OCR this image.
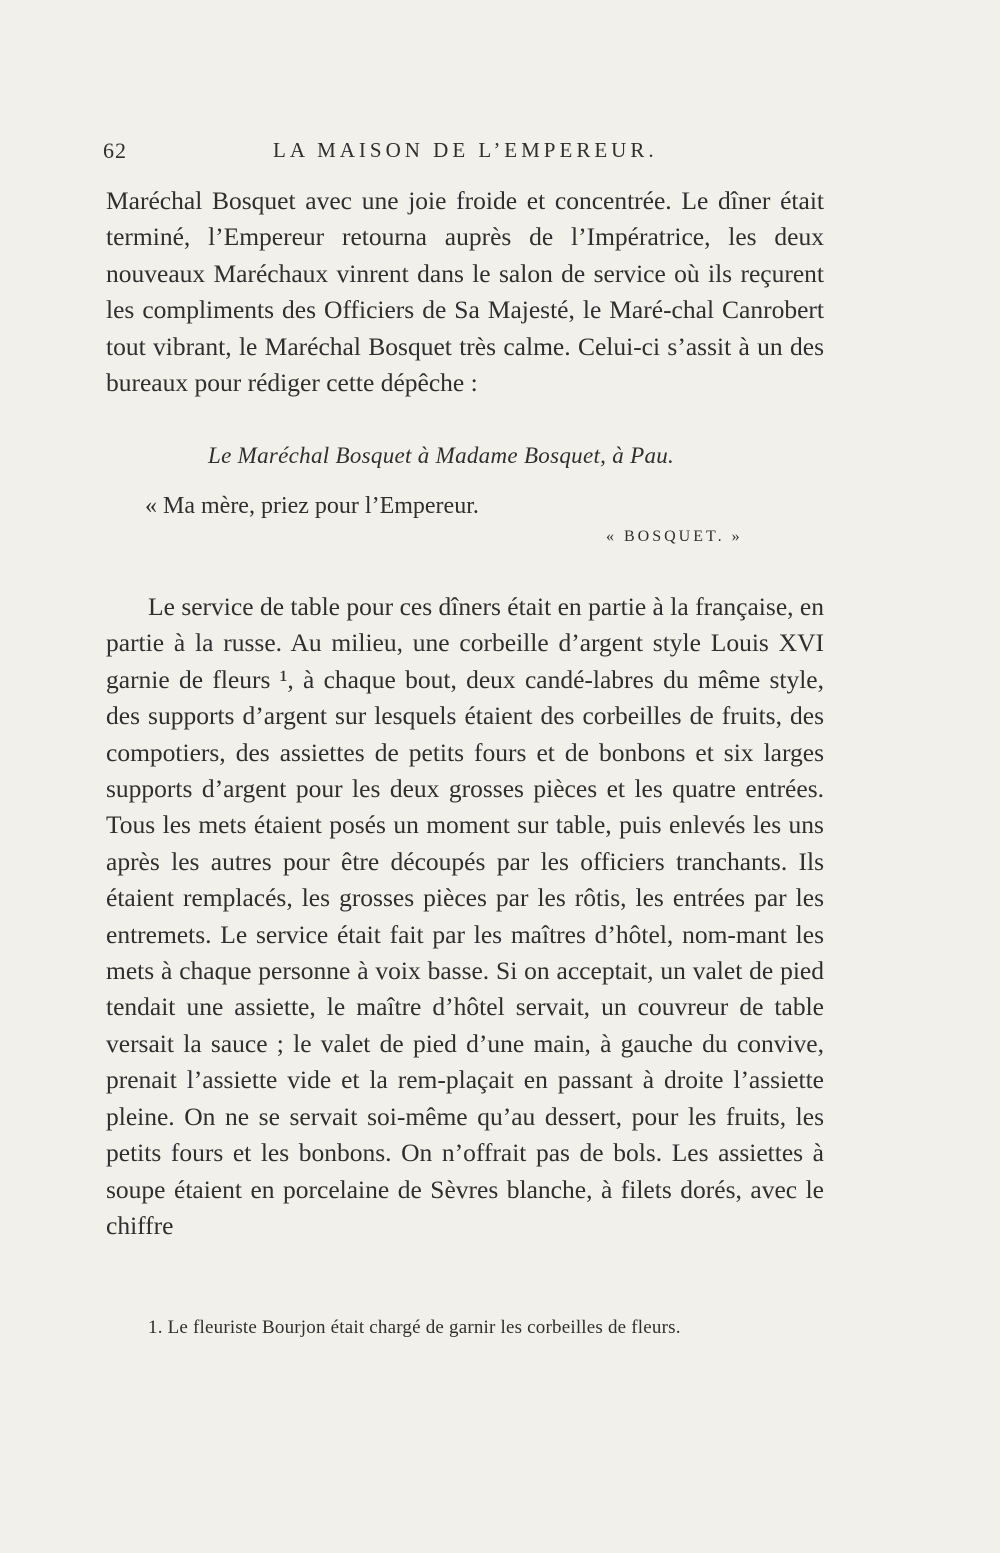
62	LA MAISON DE L’EMPEREUR.

Maréchal Bosquet avec une joie froide et concentrée. Le dîner était terminé, l’Empereur retourna auprès de l’Impératrice, les deux nouveaux Maréchaux vinrent dans le salon de service où ils reçurent les compliments des Officiers de Sa Majesté, le Maré-chal Canrobert tout vibrant, le Maréchal Bosquet très calme. Celui-ci s’assit à un des bureaux pour rédiger cette dépêche :

Le Maréchal Bosquet à Madame Bosquet, à Pau.
« Ma mère, priez pour l’Empereur.
« BOSQUET. »

Le service de table pour ces dîners était en partie à la française, en partie à la russe. Au milieu, une corbeille d’argent style Louis XVI garnie de fleurs ¹, à chaque bout, deux candé-labres du même style, des supports d’argent sur lesquels étaient des corbeilles de fruits, des compotiers, des assiettes de petits fours et de bonbons et six larges supports d’argent pour les deux grosses pièces et les quatre entrées. Tous les mets étaient posés un moment sur table, puis enlevés les uns après les autres pour être découpés par les officiers tranchants. Ils étaient remplacés, les grosses pièces par les rôtis, les entrées par les entremets. Le service était fait par les maîtres d’hôtel, nom-mant les mets à chaque personne à voix basse. Si on acceptait, un valet de pied tendait une assiette, le maître d’hôtel servait, un couvreur de table versait la sauce ; le valet de pied d’une main, à gauche du convive, prenait l’assiette vide et la rem-plaçait en passant à droite l’assiette pleine. On ne se servait soi-même qu’au dessert, pour les fruits, les petits fours et les bonbons. On n’offrait pas de bols. Les assiettes à soupe étaient en porcelaine de Sèvres blanche, à filets dorés, avec le chiffre

1. Le fleuriste Bourjon était chargé de garnir les corbeilles de fleurs.
